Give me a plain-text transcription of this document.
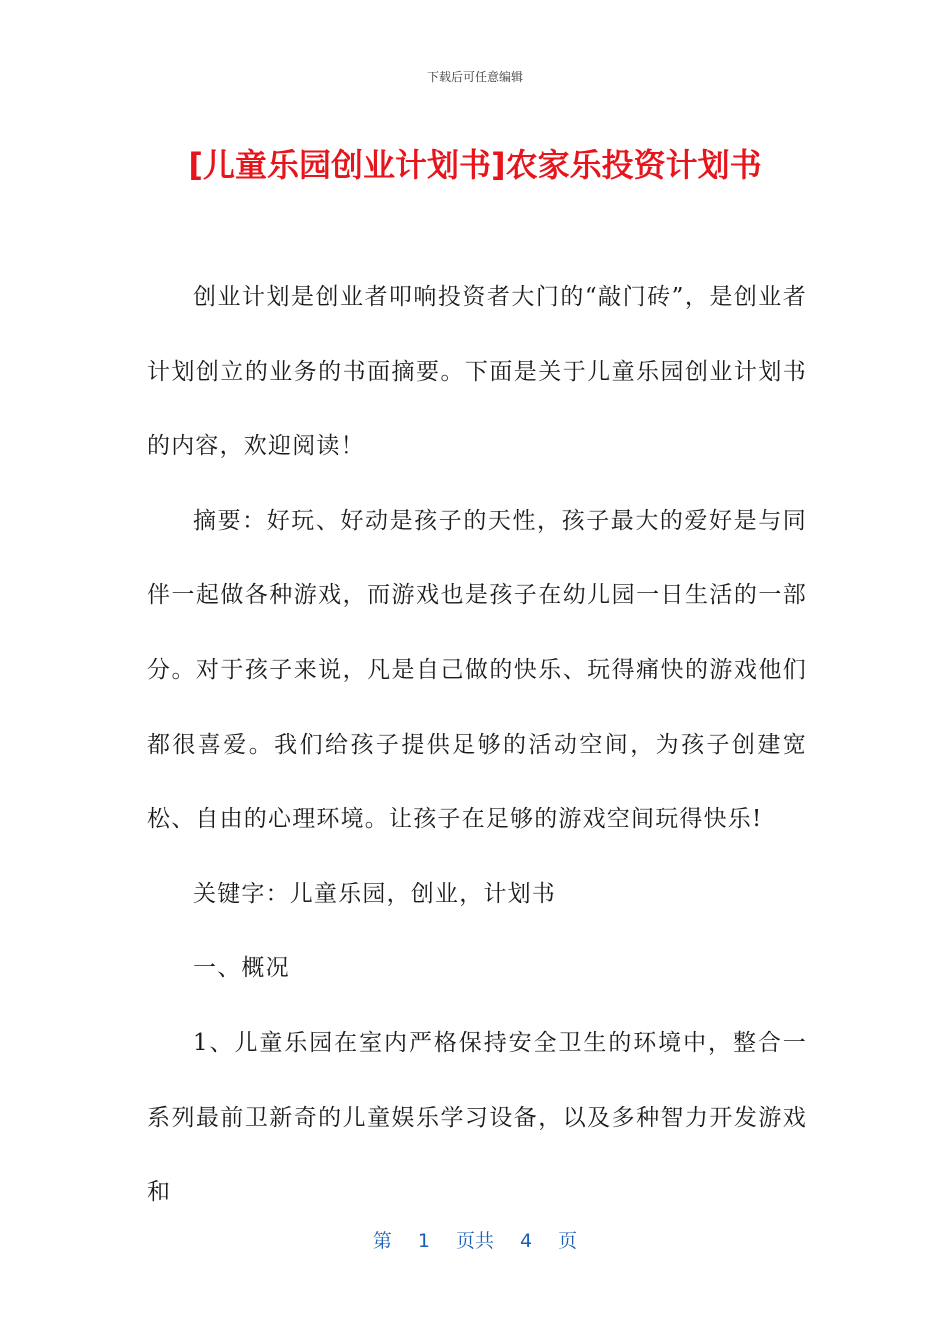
下载后可任意编辑
[儿童乐园创业计划书]农家乐投资计划书

创业计划是创业者叩响投资者大门的“敲门砖”，是创业者计划创立的业务的书面摘要。下面是关于儿童乐园创业计划书的内容，欢迎阅读！

摘要：好玩、好动是孩子的天性，孩子最大的爱好是与同伴一起做各种游戏，而游戏也是孩子在幼儿园一日生活的一部分。对于孩子来说，凡是自己做的快乐、玩得痛快的游戏他们都很喜爱。我们给孩子提供足够的活动空间，为孩子创建宽松、自由的心理环境。让孩子在足够的游戏空间玩得快乐!

关键字：儿童乐园，创业，计划书

一、概况

1、儿童乐园在室内严格保持安全卫生的环境中，整合一系列最前卫新奇的儿童娱乐学习设备，以及多种智力开发游戏和

第 1 页共 4 页
